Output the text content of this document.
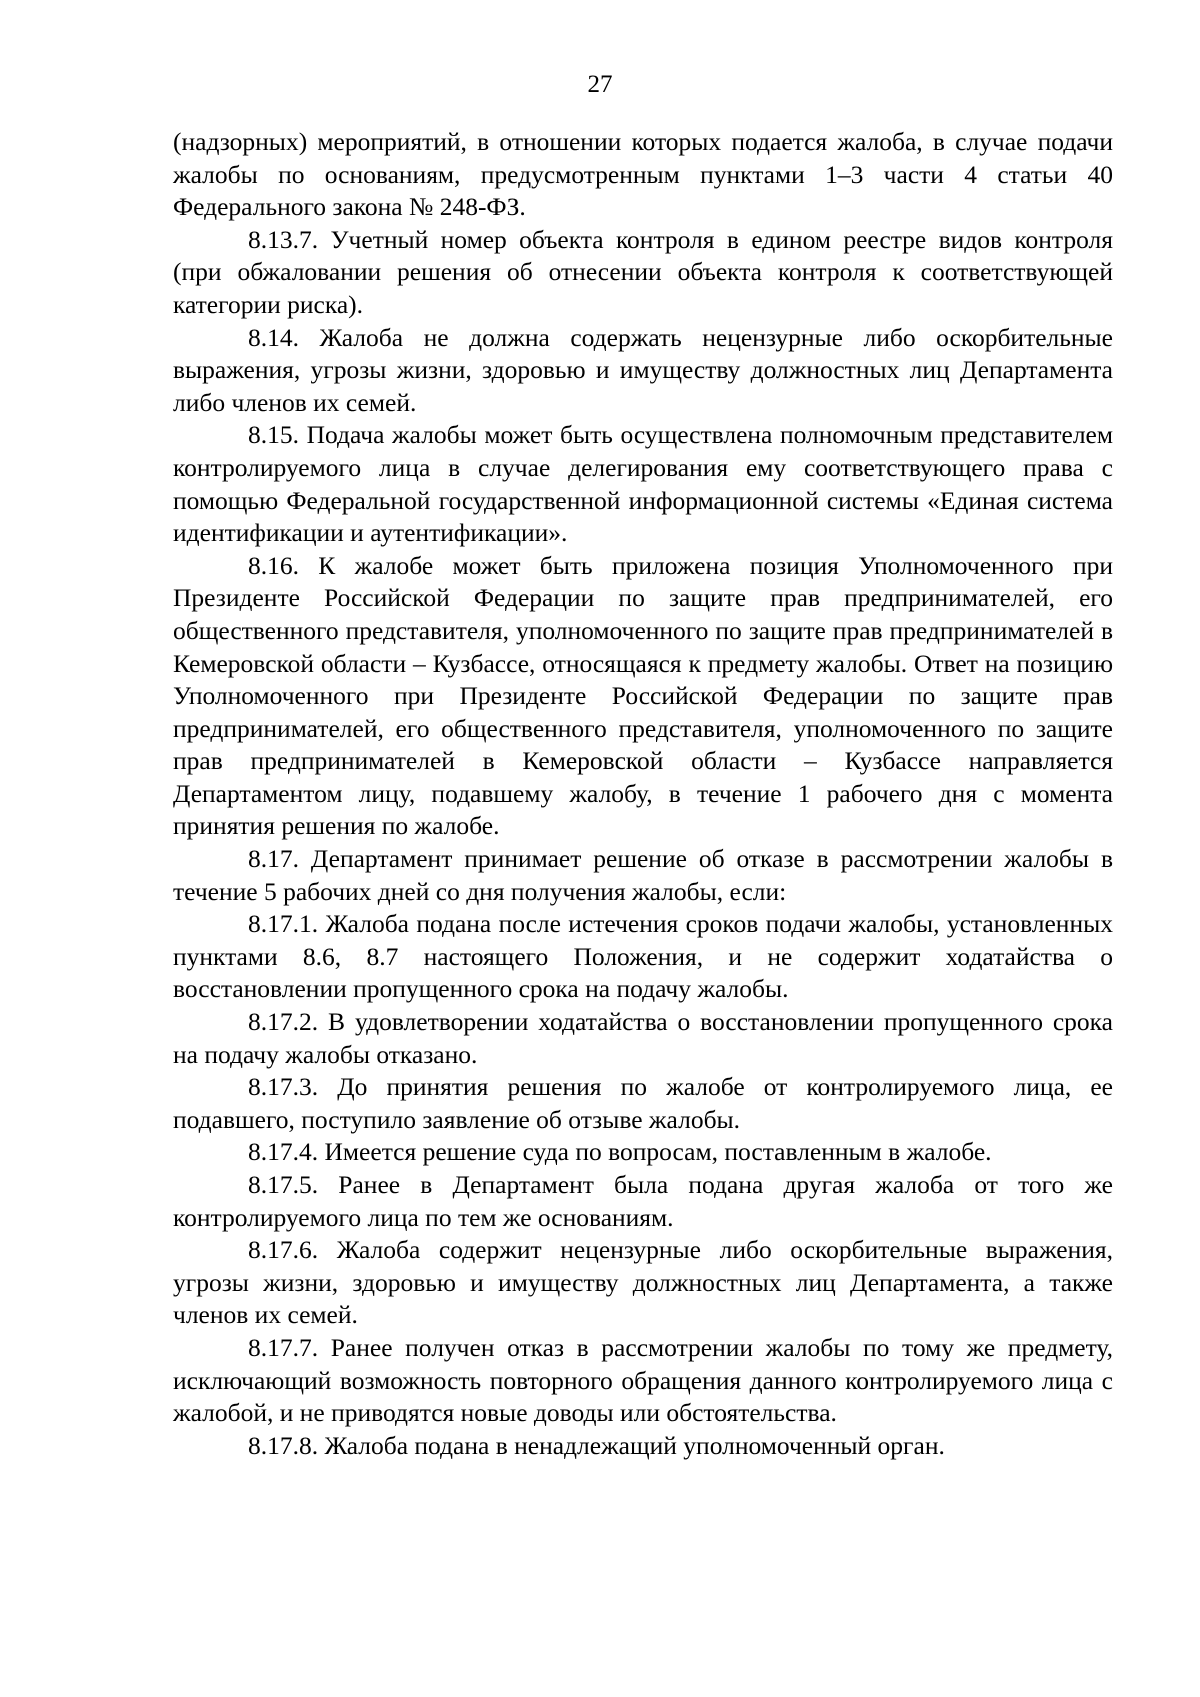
27

(надзорных) мероприятий, в отношении которых подается жалоба, в случае подачи жалобы по основаниям, предусмотренным пунктами 1–3 части 4 статьи 40 Федерального закона № 248-ФЗ.

8.13.7. Учетный номер объекта контроля в едином реестре видов контроля (при обжаловании решения об отнесении объекта контроля к соответствующей категории риска).

8.14. Жалоба не должна содержать нецензурные либо оскорбительные выражения, угрозы жизни, здоровью и имуществу должностных лиц Департамента либо членов их семей.

8.15. Подача жалобы может быть осуществлена полномочным представителем контролируемого лица в случае делегирования ему соответствующего права с помощью Федеральной государственной информационной системы «Единая система идентификации и аутентификации».

8.16. К жалобе может быть приложена позиция Уполномоченного при Президенте Российской Федерации по защите прав предпринимателей, его общественного представителя, уполномоченного по защите прав предпринимателей в Кемеровской области – Кузбассе, относящаяся к предмету жалобы. Ответ на позицию Уполномоченного при Президенте Российской Федерации по защите прав предпринимателей, его общественного представителя, уполномоченного по защите прав предпринимателей в Кемеровской области – Кузбассе направляется Департаментом лицу, подавшему жалобу, в течение 1 рабочего дня с момента принятия решения по жалобе.

8.17. Департамент принимает решение об отказе в рассмотрении жалобы в течение 5 рабочих дней со дня получения жалобы, если:

8.17.1. Жалоба подана после истечения сроков подачи жалобы, установленных пунктами 8.6, 8.7 настоящего Положения, и не содержит ходатайства о восстановлении пропущенного срока на подачу жалобы.

8.17.2. В удовлетворении ходатайства о восстановлении пропущенного срока на подачу жалобы отказано.

8.17.3. До принятия решения по жалобе от контролируемого лица, ее подавшего, поступило заявление об отзыве жалобы.

8.17.4. Имеется решение суда по вопросам, поставленным в жалобе.

8.17.5. Ранее в Департамент была подана другая жалоба от того же контролируемого лица по тем же основаниям.

8.17.6. Жалоба содержит нецензурные либо оскорбительные выражения, угрозы жизни, здоровью и имуществу должностных лиц Департамента, а также членов их семей.

8.17.7. Ранее получен отказ в рассмотрении жалобы по тому же предмету, исключающий возможность повторного обращения данного контролируемого лица с жалобой, и не приводятся новые доводы или обстоятельства.

8.17.8. Жалоба подана в ненадлежащий уполномоченный орган.
